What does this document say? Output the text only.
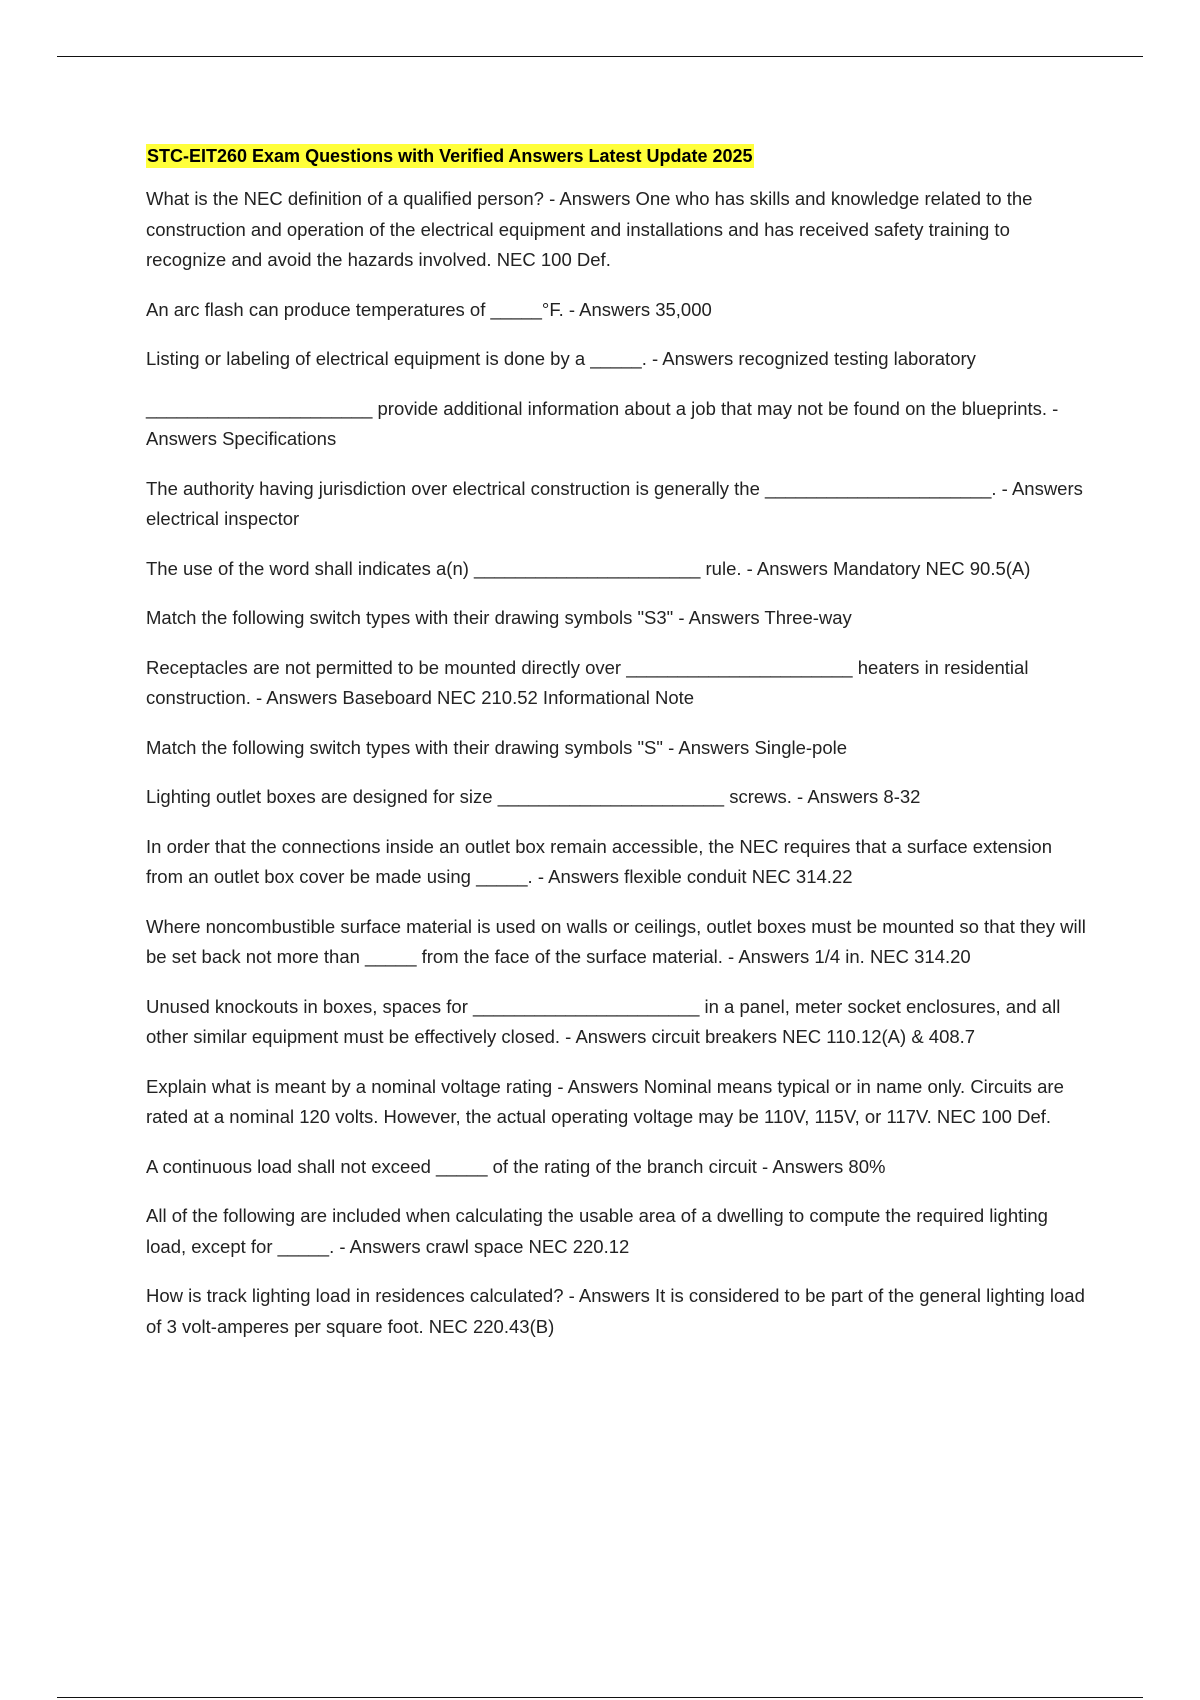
STC-EIT260 Exam Questions with Verified Answers Latest Update 2025

What is the NEC definition of a qualified person? - Answers One who has skills and knowledge related to the construction and operation of the electrical equipment and installations and has received safety training to recognize and avoid the hazards involved. NEC 100 Def.

An arc flash can produce temperatures of _____°F. - Answers 35,000

Listing or labeling of electrical equipment is done by a _____. - Answers recognized testing laboratory

______________________ provide additional information about a job that may not be found on the blueprints. - Answers Specifications

The authority having jurisdiction over electrical construction is generally the ______________________. - Answers electrical inspector

The use of the word shall indicates a(n) ______________________ rule. - Answers Mandatory NEC 90.5(A)

Match the following switch types with their drawing symbols "S3" - Answers Three-way

Receptacles are not permitted to be mounted directly over ______________________ heaters in residential construction. - Answers Baseboard NEC 210.52 Informational Note

Match the following switch types with their drawing symbols "S" - Answers Single-pole

Lighting outlet boxes are designed for size ______________________ screws. - Answers 8-32

In order that the connections inside an outlet box remain accessible, the NEC requires that a surface extension from an outlet box cover be made using _____. - Answers flexible conduit NEC 314.22

Where noncombustible surface material is used on walls or ceilings, outlet boxes must be mounted so that they will be set back not more than _____ from the face of the surface material. - Answers 1/4 in. NEC 314.20

Unused knockouts in boxes, spaces for ______________________ in a panel, meter socket enclosures, and all other similar equipment must be effectively closed. - Answers circuit breakers NEC 110.12(A) & 408.7

Explain what is meant by a nominal voltage rating - Answers Nominal means typical or in name only. Circuits are rated at a nominal 120 volts. However, the actual operating voltage may be 110V, 115V, or 117V. NEC 100 Def.

A continuous load shall not exceed _____ of the rating of the branch circuit - Answers 80%

All of the following are included when calculating the usable area of a dwelling to compute the required lighting load, except for _____. - Answers crawl space NEC 220.12

How is track lighting load in residences calculated? - Answers It is considered to be part of the general lighting load of 3 volt-amperes per square foot. NEC 220.43(B)
